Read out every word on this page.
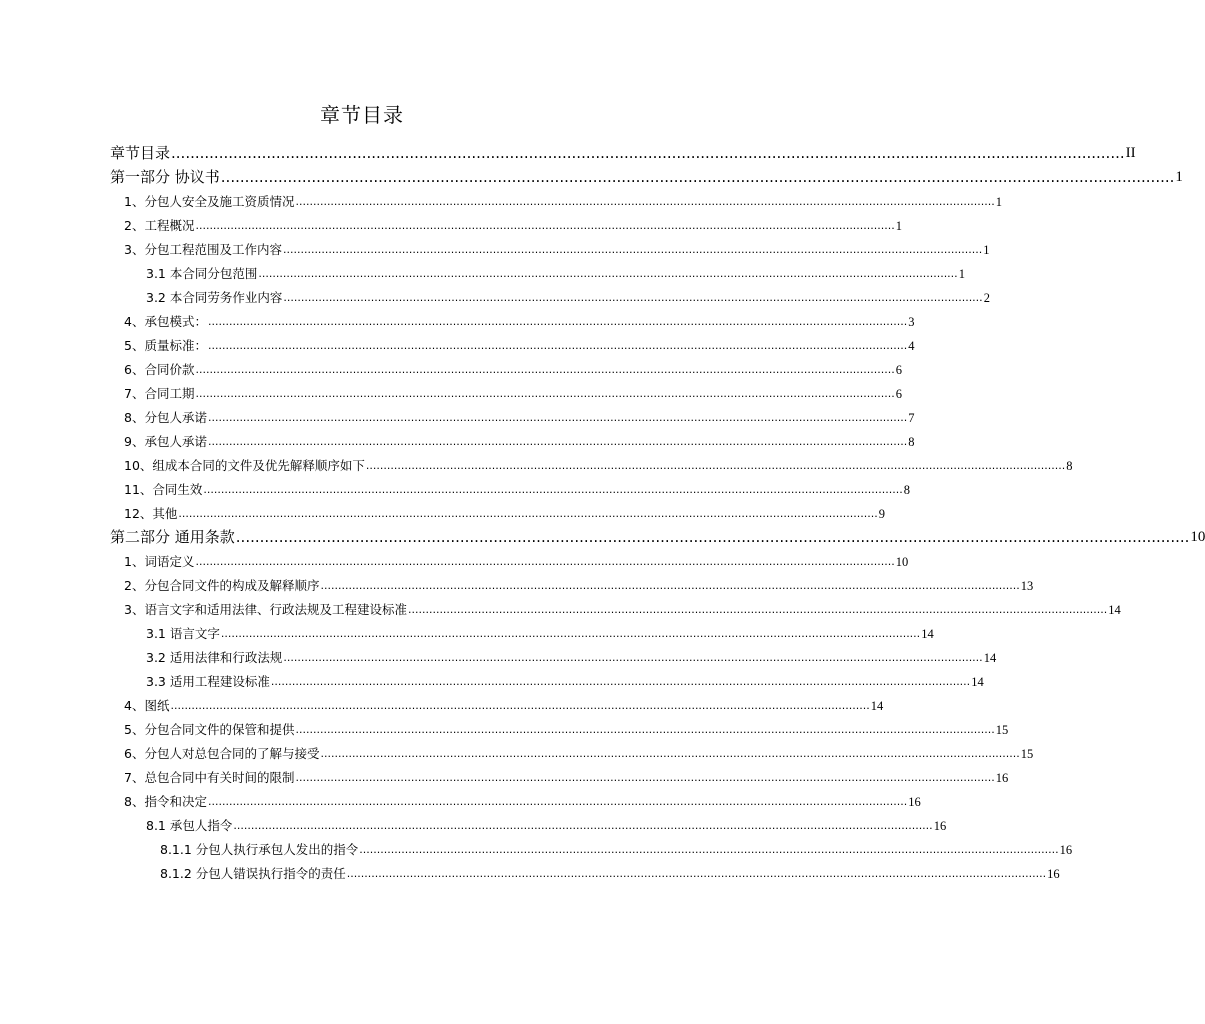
章节目录
章节目录 ........................................................................................................................................................................................................ II
第一部分 协议书 ........................................................................................................................................................................................................ 1
1、分包人安全及施工资质情况 ........................................................................................................................................................................................................ 1
2、工程概况 ........................................................................................................................................................................................................ 1
3、分包工程范围及工作内容 ........................................................................................................................................................................................................ 1
3.1 本合同分包范围 ........................................................................................................................................................................................................ 1
3.2 本合同劳务作业内容 ........................................................................................................................................................................................................ 2
4、承包模式： ........................................................................................................................................................................................................ 3
5、质量标准： ........................................................................................................................................................................................................ 4
6、合同价款 ........................................................................................................................................................................................................ 6
7、合同工期 ........................................................................................................................................................................................................ 6
8、分包人承诺 ........................................................................................................................................................................................................ 7
9、承包人承诺 ........................................................................................................................................................................................................ 8
10、组成本合同的文件及优先解释顺序如下 ........................................................................................................................................................................................................ 8
11、合同生效 ........................................................................................................................................................................................................ 8
12、其他 ........................................................................................................................................................................................................ 9
第二部分 通用条款 ........................................................................................................................................................................................................ 10
1、词语定义 ........................................................................................................................................................................................................ 10
2、分包合同文件的构成及解释顺序 ........................................................................................................................................................................................................ 13
3、语言文字和适用法律、行政法规及工程建设标准 ........................................................................................................................................................................................................ 14
3.1 语言文字 ........................................................................................................................................................................................................ 14
3.2 适用法律和行政法规 ........................................................................................................................................................................................................ 14
3.3 适用工程建设标准 ........................................................................................................................................................................................................ 14
4、图纸 ........................................................................................................................................................................................................ 14
5、分包合同文件的保管和提供 ........................................................................................................................................................................................................ 15
6、分包人对总包合同的了解与接受 ........................................................................................................................................................................................................ 15
7、总包合同中有关时间的限制 ........................................................................................................................................................................................................ 16
8、指令和决定 ........................................................................................................................................................................................................ 16
8.1 承包人指令 ........................................................................................................................................................................................................ 16
8.1.1 分包人执行承包人发出的指令 ........................................................................................................................................................................................................ 16
8.1.2 分包人错误执行指令的责任 ........................................................................................................................................................................................................ 16
